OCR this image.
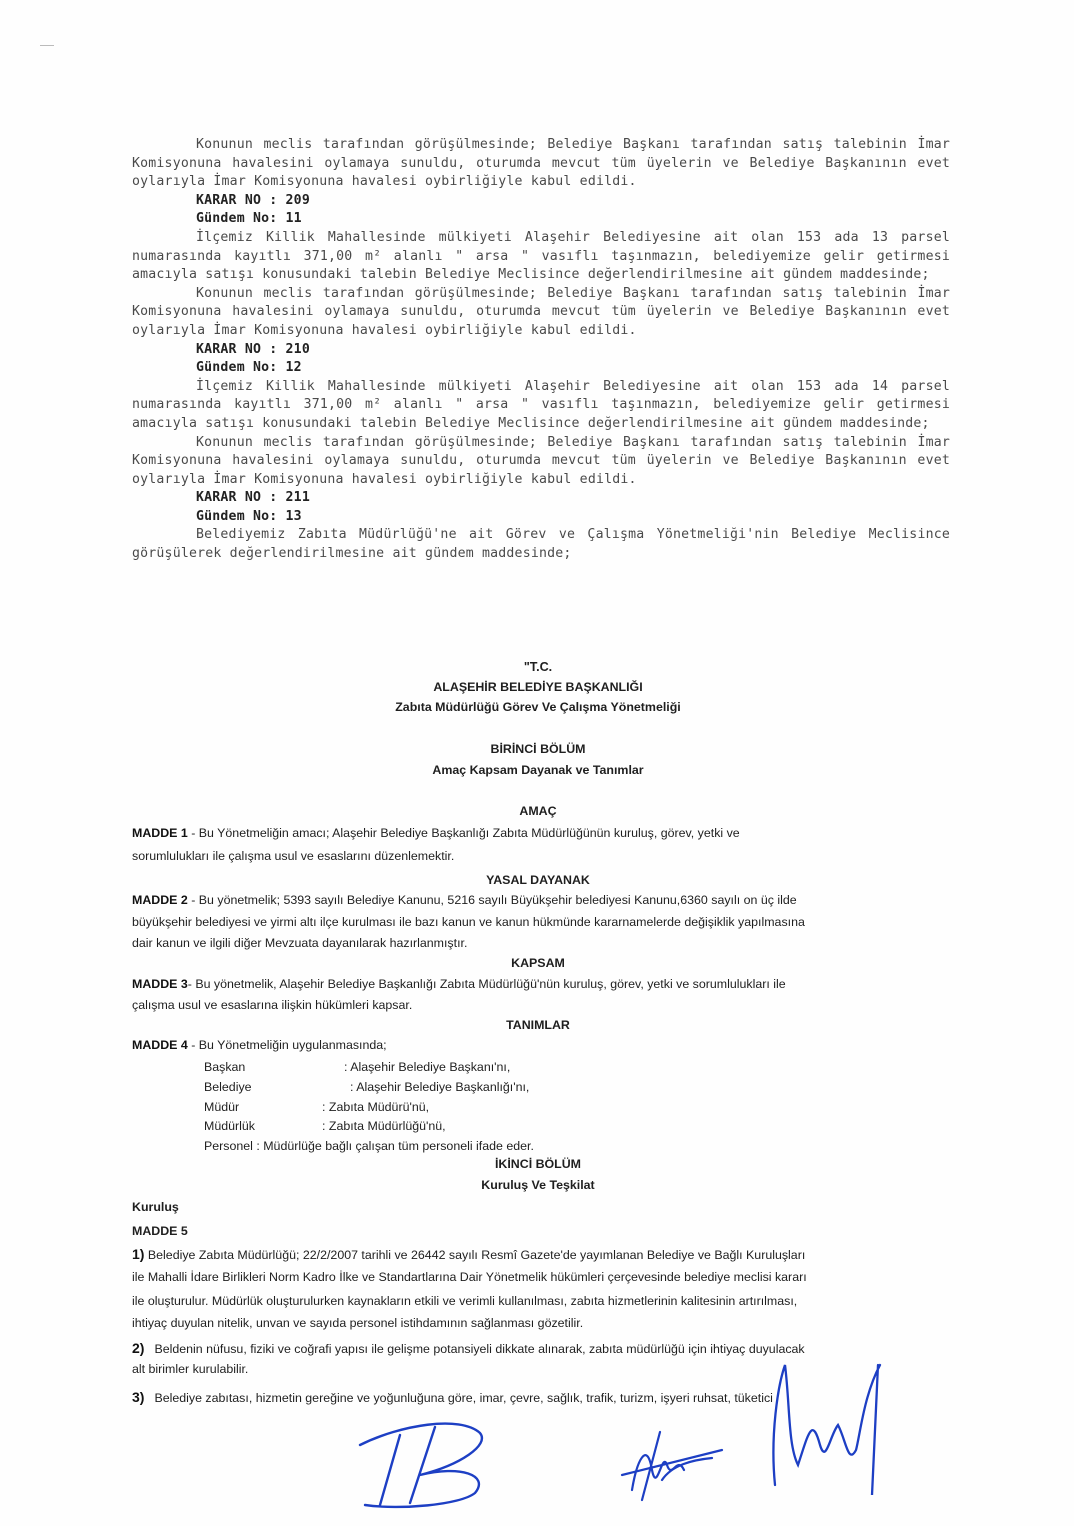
Konunun meclis tarafından görüşülmesinde; Belediye Başkanı tarafından satış talebinin İmar Komisyonuna havalesini oylamaya sunuldu, oturumda mevcut tüm üyelerin ve Belediye Başkanının evet oylarıyla İmar Komisyonuna havalesi oybirliğiyle kabul edildi.

KARAR NO : 209
Gündem No: 11

İlçemiz Killik Mahallesinde mülkiyeti Alaşehir Belediyesine ait olan 153 ada 13 parsel numarasında kayıtlı 371,00 m² alanlı " arsa " vasıflı taşınmazın, belediyemize gelir getirmesi amacıyla satışı konusundaki talebin Belediye Meclisince değerlendirilmesine ait gündem maddesinde;

Konunun meclis tarafından görüşülmesinde; Belediye Başkanı tarafından satış talebinin İmar Komisyonuna havalesini oylamaya sunuldu, oturumda mevcut tüm üyelerin ve Belediye Başkanının evet oylarıyla İmar Komisyonuna havalesi oybirliğiyle kabul edildi.

KARAR NO : 210
Gündem No: 12

İlçemiz Killik Mahallesinde mülkiyeti Alaşehir Belediyesine ait olan 153 ada 14 parsel numarasında kayıtlı 371,00 m² alanlı " arsa " vasıflı taşınmazın, belediyemize gelir getirmesi amacıyla satışı konusundaki talebin Belediye Meclisince değerlendirilmesine ait gündem maddesinde;

Konunun meclis tarafından görüşülmesinde; Belediye Başkanı tarafından satış talebinin İmar Komisyonuna havalesini oylamaya sunuldu, oturumda mevcut tüm üyelerin ve Belediye Başkanının evet oylarıyla İmar Komisyonuna havalesi oybirliğiyle kabul edildi.

KARAR NO : 211
Gündem No: 13

Belediyemiz Zabıta Müdürlüğü'ne ait Görev ve Çalışma Yönetmeliği'nin Belediye Meclisince görüşülerek değerlendirilmesine ait gündem maddesinde;

"T.C.
ALAŞEHİR BELEDİYE BAŞKANLIĞI
Zabıta Müdürlüğü Görev Ve Çalışma Yönetmeliği
BİRİNCİ BÖLÜM
Amaç Kapsam Dayanak ve Tanımlar
AMAÇ
MADDE 1 - Bu Yönetmeliğin amacı; Alaşehir Belediye Başkanlığı Zabıta Müdürlüğünün kuruluş, görev, yetki ve
sorumlulukları ile çalışma usul ve esaslarını düzenlemektir.
YASAL DAYANAK
MADDE 2 - Bu yönetmelik; 5393 sayılı Belediye Kanunu, 5216 sayılı Büyükşehir belediyesi Kanunu,6360 sayılı on üç ilde
büyükşehir belediyesi ve yirmi altı ilçe kurulması ile bazı kanun ve kanun hükmünde kararnamelerde değişiklik yapılmasına
dair kanun ve ilgili diğer Mevzuata dayanılarak hazırlanmıştır.
KAPSAM
MADDE 3- Bu yönetmelik, Alaşehir Belediye Başkanlığı Zabıta Müdürlüğü'nün kuruluş, görev, yetki ve sorumlulukları ile
çalışma usul ve esaslarına ilişkin hükümleri kapsar.
TANIMLAR
MADDE 4 - Bu Yönetmeliğin uygulanmasında;
İKİNCİ BÖLÜM
Kuruluş Ve Teşkilat
Kuruluş
MADDE 5
1) Belediye Zabıta Müdürlüğü; 22/2/2007 tarihli ve 26442 sayılı Resmî Gazete'de yayımlanan Belediye ve Bağlı Kuruluşları
ile Mahalli İdare Birlikleri Norm Kadro İlke ve Standartlarına Dair Yönetmelik hükümleri çerçevesinde belediye meclisi kararı
ile oluşturulur. Müdürlük oluşturulurken kaynakların etkili ve verimli kullanılması, zabıta hizmetlerinin kalitesinin artırılması,
ihtiyaç duyulan nitelik, unvan ve sayıda personel istihdamının sağlanması gözetilir.
2) Beldenin nüfusu, fiziki ve coğrafi yapısı ile gelişme potansiyeli dikkate alınarak, zabıta müdürlüğü için ihtiyaç duyulacak
alt birimler kurulabilir.
3) Belediye zabıtası, hizmetin gereğine ve yoğunluğuna göre, imar, çevre, sağlık, trafik, turizm, işyeri ruhsat, tüketici
Başkan	: Alaşehir Belediye Başkanı'nı,
Belediye	: Alaşehir Belediye Başkanlığı'nı,
Müdür	: Zabıta Müdürü'nü,
Müdürlük	: Zabıta Müdürlüğü'nü,
Personel : Müdürlüğe bağlı çalışan tüm personeli ifade eder.
